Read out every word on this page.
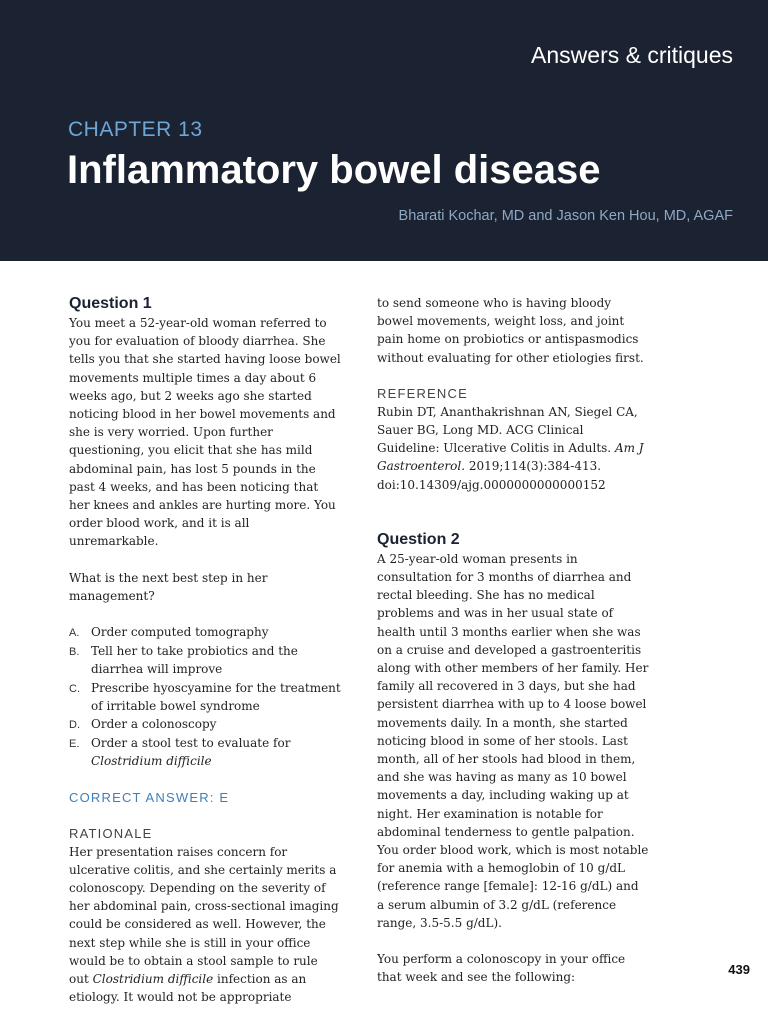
Answers & critiques
CHAPTER 13
Inflammatory bowel disease
Bharati Kochar, MD and Jason Ken Hou, MD, AGAF
Question 1

You meet a 52-year-old woman referred to you for evaluation of bloody diarrhea. She tells you that she started having loose bowel movements multiple times a day about 6 weeks ago, but 2 weeks ago she started noticing blood in her bowel movements and she is very worried. Upon further questioning, you elicit that she has mild abdominal pain, has lost 5 pounds in the past 4 weeks, and has been noticing that her knees and ankles are hurting more. You order blood work, and it is all unremarkable.

What is the next best step in her management?

A. Order computed tomography
B. Tell her to take probiotics and the diarrhea will improve
C. Prescribe hyoscyamine for the treatment of irritable bowel syndrome
D. Order a colonoscopy
E. Order a stool test to evaluate for Clostridium difficile

CORRECT ANSWER: E

RATIONALE

Her presentation raises concern for ulcerative colitis, and she certainly merits a colonoscopy. Depending on the severity of her abdominal pain, cross-sectional imaging could be considered as well. However, the next step while she is still in your office would be to obtain a stool sample to rule out Clostridium difficile infection as an etiology. It would not be appropriate

to send someone who is having bloody bowel movements, weight loss, and joint pain home on probiotics or antispasmodics without evaluating for other etiologies first.

REFERENCE

Rubin DT, Ananthakrishnan AN, Siegel CA, Sauer BG, Long MD. ACG Clinical Guideline: Ulcerative Colitis in Adults. Am J Gastroenterol. 2019;114(3):384-413. doi:10.14309/ajg.0000000000000152

Question 2

A 25-year-old woman presents in consultation for 3 months of diarrhea and rectal bleeding. She has no medical problems and was in her usual state of health until 3 months earlier when she was on a cruise and developed a gastroenteritis along with other members of her family. Her family all recovered in 3 days, but she had persistent diarrhea with up to 4 loose bowel movements daily. In a month, she started noticing blood in some of her stools. Last month, all of her stools had blood in them, and she was having as many as 10 bowel movements a day, including waking up at night. Her examination is notable for abdominal tenderness to gentle palpation. You order blood work, which is most notable for anemia with a hemoglobin of 10 g/dL (reference range [female]: 12-16 g/dL) and a serum albumin of 3.2 g/dL (reference range, 3.5-5.5 g/dL).

You perform a colonoscopy in your office that week and see the following:

439
